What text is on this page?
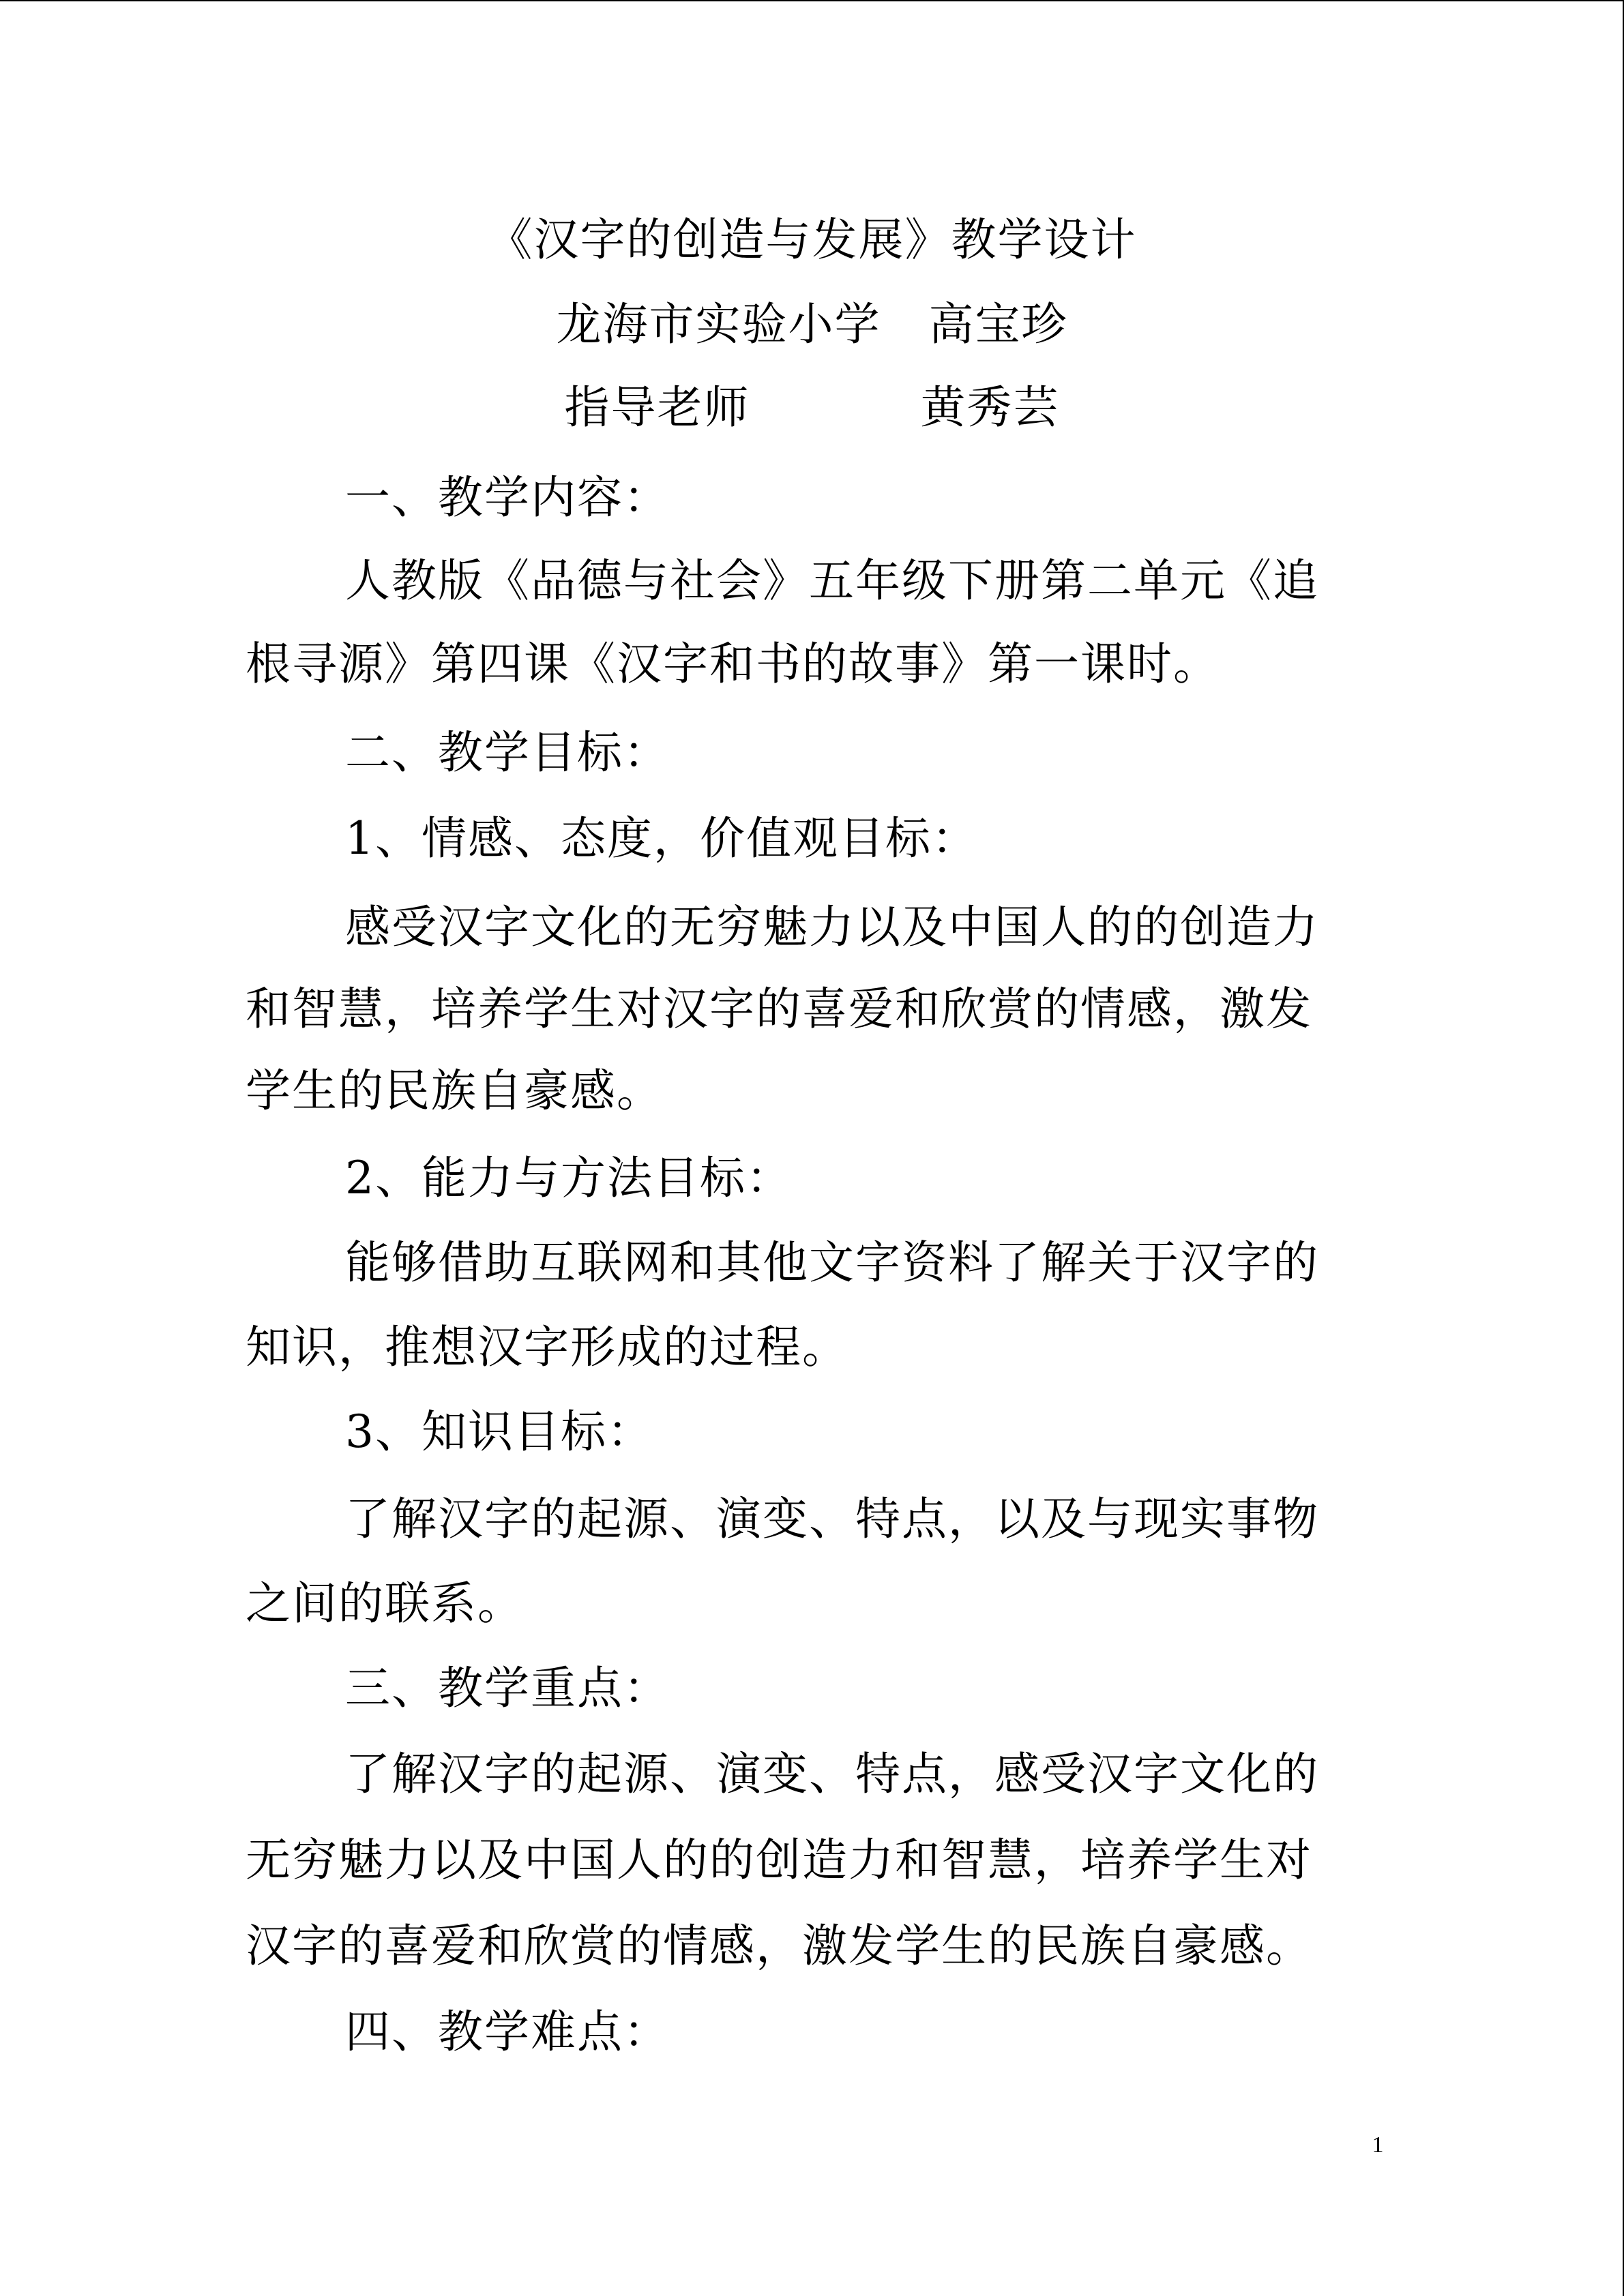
《汉字的创造与发展》教学设计
龙海市实验小学 高宝珍
指导老师	黄秀芸
一、教学内容：
人教版《品德与社会》五年级下册第二单元《追
根寻源》第四课《汉字和书的故事》第一课时。
二、教学目标：
1、情感、态度，价值观目标：
感受汉字文化的无穷魅力以及中国人的的创造力
和智慧，培养学生对汉字的喜爱和欣赏的情感，激发
学生的民族自豪感。
2、能力与方法目标：
能够借助互联网和其他文字资料了解关于汉字的
知识，推想汉字形成的过程。
3、知识目标：
了解汉字的起源、演变、特点，以及与现实事物
之间的联系。
三、教学重点：
了解汉字的起源、演变、特点，感受汉字文化的
无穷魅力以及中国人的的创造力和智慧，培养学生对
汉字的喜爱和欣赏的情感，激发学生的民族自豪感。
四、教学难点：
1
